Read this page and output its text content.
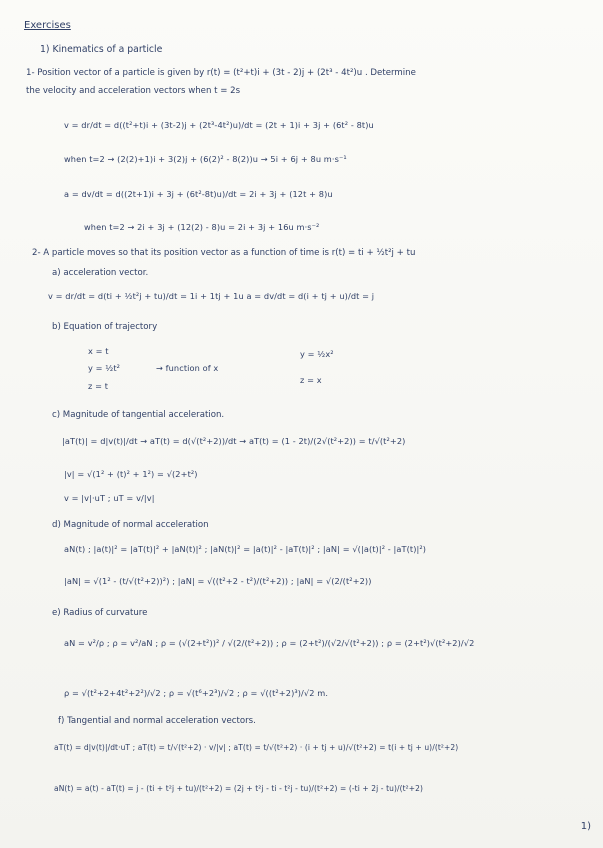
Exercises
1) Kinematics of a particle
1- Position vector of a particle is given by r(t) = (t²+t)i + (3t - 2)j + (2t³ - 4t²)u . Determine
the velocity and acceleration vectors when t = 2s
v = dr/dt = d((t²+t)i + (3t-2)j + (2t³-4t²)u)/dt = (2t + 1)i + 3j + (6t² - 8t)u
when t=2 → (2(2)+1)i + 3(2)j + (6(2)² - 8(2))u → 5i + 6j + 8u m·s⁻¹
a = dv/dt = d((2t+1)i + 3j + (6t²-8t)u)/dt = 2i + 3j + (12t + 8)u
when t=2 → 2i + 3j + (12(2) - 8)u = 2i + 3j + 16u m·s⁻²
2- A particle moves so that its position vector as a function of time is r(t) = ti + ½t²j + tu
a) acceleration vector.
v = dr/dt = d(ti + ½t²j + tu)/dt = 1i + 1tj + 1u a = dv/dt = d(i + tj + u)/dt = j
b) Equation of trajectory
x = t
y = ½t²
z = t
→ function of x
y = ½x²
z = x
c) Magnitude of tangential acceleration.
|aT(t)| = d|v(t)|/dt → aT(t) = d(√(t²+2))/dt → aT(t) = (1 - 2t)/(2√(t²+2)) = t/√(t²+2)
|v| = √(1² + (t)² + 1²) = √(2+t²)
v = |v|·uT ; uT = v/|v|
d) Magnitude of normal acceleration
aN(t) ; |a(t)|² = |aT(t)|² + |aN(t)|² ; |aN(t)|² = |a(t)|² - |aT(t)|² ; |aN| = √(|a(t)|² - |aT(t)|²)
|aN| = √(1² - (t/√(t²+2))²) ; |aN| = √((t²+2 - t²)/(t²+2)) ; |aN| = √(2/(t²+2))
e) Radius of curvature
aN = v²/ρ ; ρ = v²/aN ; ρ = (√(2+t²))² / √(2/(t²+2)) ; ρ = (2+t²)/(√2/√(t²+2)) ; ρ = (2+t²)√(t²+2)/√2
ρ = √(t²+2+4t²+2²)/√2 ; ρ = √(t⁶+2³)/√2 ; ρ = √((t²+2)³)/√2 m.
f) Tangential and normal acceleration vectors.
aT(t) = d|v(t)|/dt·uT ; aT(t) = t/√(t²+2) · v/|v| ; aT(t) = t/√(t²+2) · (i + tj + u)/√(t²+2) = t(i + tj + u)/(t²+2)
aN(t) = a(t) - aT(t) = j - (ti + t²j + tu)/(t²+2) = (2j + t²j - ti - t²j - tu)/(t²+2) = (-ti + 2j - tu)/(t²+2)
1)
